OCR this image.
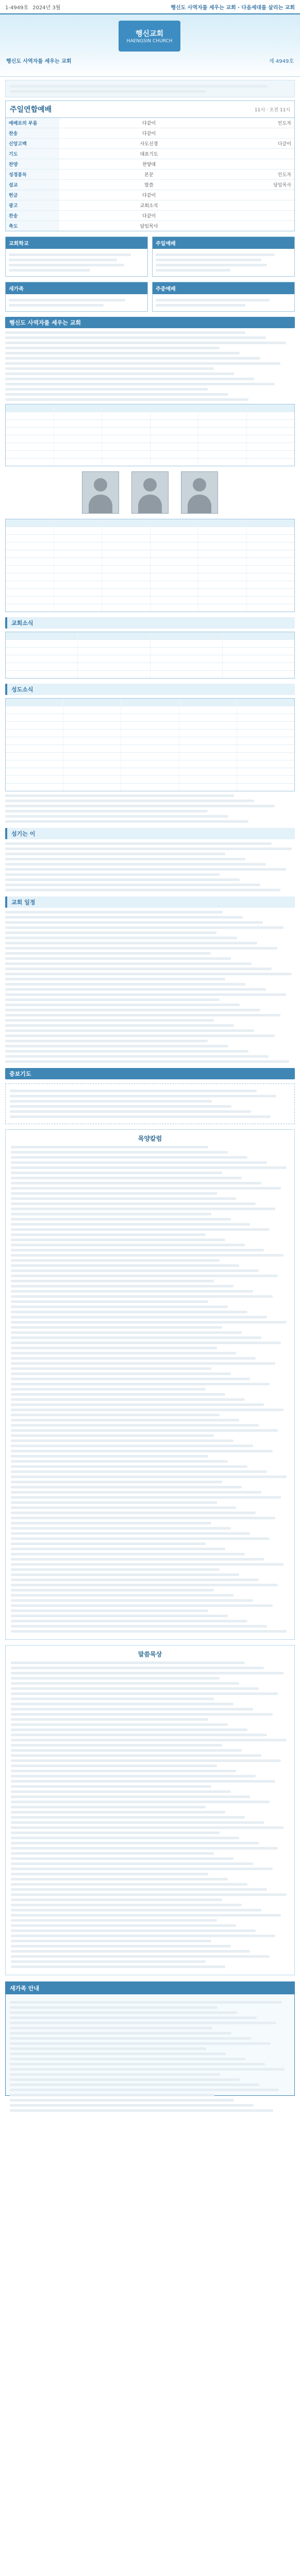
1-4949호 2024년 3월	행신도 사역자를 세우는 교회 · 다음세대를 살리는 교회
행신교회
HAENGSIN CHURCH
행신도 사역자를 세우는 교회	제 4949호
주일연합예배	11시 · 오전 11시
예배로의 부름	다같이	인도자
찬송	다같이
신앙고백	사도신경	다같이
기도	대표기도
찬양	찬양대
성경봉독	본문	인도자
설교	말씀	담임목사
헌금	다같이
광고	교회소식
찬송	다같이
축도	담임목사
교회학교	주일예배
새가족	주중예배
행신도 사역자를 세우는 교회
교회소식
성도소식
섬기는 이
교회 일정
중보기도
목양칼럼
말씀묵상
새가족 안내
